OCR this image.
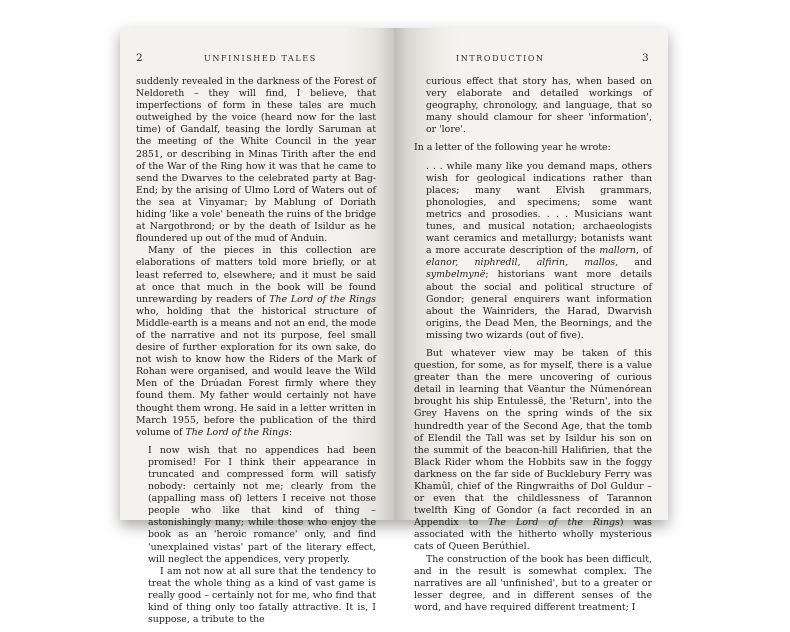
2	UNFINISHED TALES

suddenly revealed in the darkness of the Forest of Neldoreth – they will find, I believe, that imperfections of form in these tales are much outweighed by the voice (heard now for the last time) of Gandalf, teasing the lordly Saruman at the meeting of the White Council in the year 2851, or describing in Minas Tirith after the end of the War of the Ring how it was that he came to send the Dwarves to the celebrated party at Bag-End; by the arising of Ulmo Lord of Waters out of the sea at Vinyamar; by Mablung of Doriath hiding 'like a vole' beneath the ruins of the bridge at Nargothrond; or by the death of Isildur as he floundered up out of the mud of Anduin.

Many of the pieces in this collection are elaborations of matters told more briefly, or at least referred to, elsewhere; and it must be said at once that much in the book will be found unrewarding by readers of The Lord of the Rings who, holding that the historical structure of Middle-earth is a means and not an end, the mode of the narrative and not its purpose, feel small desire of further exploration for its own sake, do not wish to know how the Riders of the Mark of Rohan were organised, and would leave the Wild Men of the Drúadan Forest firmly where they found them. My father would certainly not have thought them wrong. He said in a letter written in March 1955, before the publication of the third volume of The Lord of the Rings:

I now wish that no appendices had been promised! For I think their appearance in truncated and compressed form will satisfy nobody: certainly not me; clearly from the (appalling mass of) letters I receive not those people who like that kind of thing – astonishingly many; while those who enjoy the book as an 'heroic romance' only, and find 'unexplained vistas' part of the literary effect, will neglect the appendices, very properly.

I am not now at all sure that the tendency to treat the whole thing as a kind of vast game is really good – certainly not for me, who find that kind of thing only too fatally attractive. It is, I suppose, a tribute to the

INTRODUCTION	3

curious effect that story has, when based on very elaborate and detailed workings of geography, chronology, and language, that so many should clamour for sheer 'information', or 'lore'.

In a letter of the following year he wrote:

. . . while many like you demand maps, others wish for geological indications rather than places; many want Elvish grammars, phonologies, and specimens; some want metrics and prosodies. . . . Musicians want tunes, and musical notation; archaeologists want ceramics and metallurgy; botanists want a more accurate description of the mallorn, of elanor, niphredil, alfirin, mallos, and symbelmynë; historians want more details about the social and political structure of Gondor; general enquirers want information about the Wainriders, the Harad, Dwarvish origins, the Dead Men, the Beornings, and the missing two wizards (out of five).

But whatever view may be taken of this question, for some, as for myself, there is a value greater than the mere uncovering of curious detail in learning that Vëantur the Númenórean brought his ship Entulessë, the 'Return', into the Grey Havens on the spring winds of the six hundredth year of the Second Age, that the tomb of Elendil the Tall was set by Isildur his son on the summit of the beacon-hill Halifirien, that the Black Rider whom the Hobbits saw in the foggy darkness on the far side of Bucklebury Ferry was Khamûl, chief of the Ringwraiths of Dol Guldur – or even that the childlessness of Tarannon twelfth King of Gondor (a fact recorded in an Appendix to The Lord of the Rings) was associated with the hitherto wholly mysterious cats of Queen Berúthiel.

The construction of the book has been difficult, and in the result is somewhat complex. The narratives are all 'unfinished', but to a greater or lesser degree, and in different senses of the word, and have required different treatment; I
